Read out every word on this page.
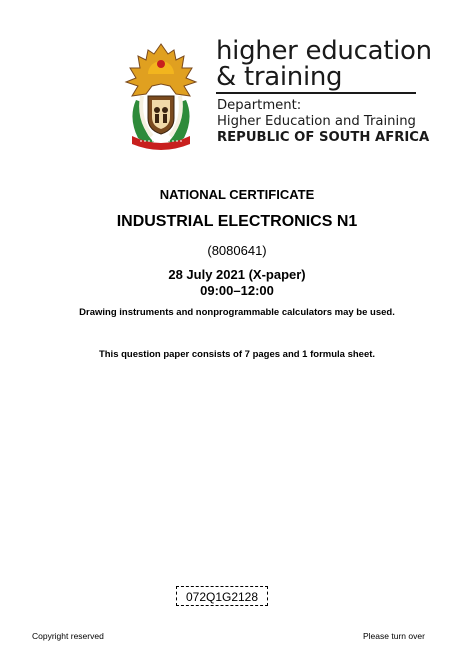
higher education
& training
Department:
Higher Education and Training
REPUBLIC OF SOUTH AFRICA
NATIONAL CERTIFICATE
INDUSTRIAL ELECTRONICS N1
(8080641)
28 July 2021 (X-paper)
09:00–12:00
Drawing instruments and nonprogrammable calculators may be used.
This question paper consists of 7 pages and 1 formula sheet.
072Q1G2128
Copyright reserved	Please turn over
